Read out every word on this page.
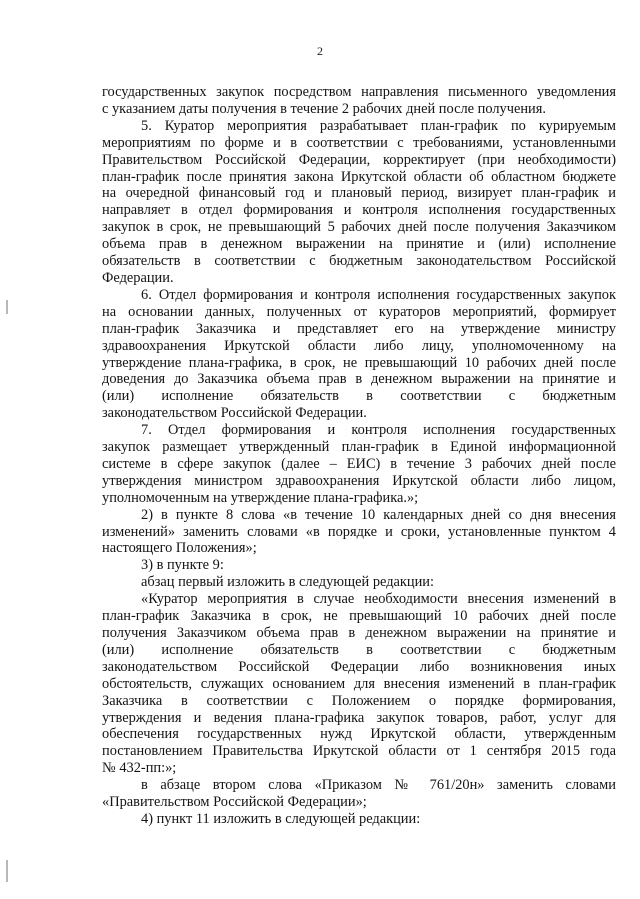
2
государственных закупок посредством направления письменного уведомления
с указанием даты получения в течение 2 рабочих дней после получения.
5. Куратор мероприятия разрабатывает план-график по курируемым
мероприятиям по форме и в соответствии с требованиями, установленными
Правительством Российской Федерации, корректирует (при необходимости)
план-график после принятия закона Иркутской области об областном бюджете
на очередной финансовый год и плановый период, визирует план-график и
направляет в отдел формирования и контроля исполнения государственных
закупок в срок, не превышающий 5 рабочих дней после получения Заказчиком
объема прав в денежном выражении на принятие и (или) исполнение
обязательств в соответствии с бюджетным законодательством Российской
Федерации.
6. Отдел формирования и контроля исполнения государственных закупок
на основании данных, полученных от кураторов мероприятий, формирует
план-график Заказчика и представляет его на утверждение министру
здравоохранения Иркутской области либо лицу, уполномоченному на
утверждение плана-графика, в срок, не превышающий 10 рабочих дней после
доведения до Заказчика объема прав в денежном выражении на принятие и
(или) исполнение обязательств в соответствии с бюджетным
законодательством Российской Федерации.
7. Отдел формирования и контроля исполнения государственных
закупок размещает утвержденный план-график в Единой информационной
системе в сфере закупок (далее – ЕИС) в течение 3 рабочих дней после
утверждения министром здравоохранения Иркутской области либо лицом,
уполномоченным на утверждение плана-графика.»;
2) в пункте 8 слова «в течение 10 календарных дней со дня внесения
изменений» заменить словами «в порядке и сроки, установленные пунктом 4
настоящего Положения»;
3) в пункте 9:
абзац первый изложить в следующей редакции:
«Куратор мероприятия в случае необходимости внесения изменений в
план-график Заказчика в срок, не превышающий 10 рабочих дней после
получения Заказчиком объема прав в денежном выражении на принятие и
(или) исполнение обязательств в соответствии с бюджетным
законодательством Российской Федерации либо возникновения иных
обстоятельств, служащих основанием для внесения изменений в план-график
Заказчика в соответствии с Положением о порядке формирования,
утверждения и ведения плана-графика закупок товаров, работ, услуг для
обеспечения государственных нужд Иркутской области, утвержденным
постановлением Правительства Иркутской области от 1 сентября 2015 года
№ 432-пп:»;
в абзаце втором слова «Приказом № 761/20н» заменить словами
«Правительством Российской Федерации»;
4) пункт 11 изложить в следующей редакции:
